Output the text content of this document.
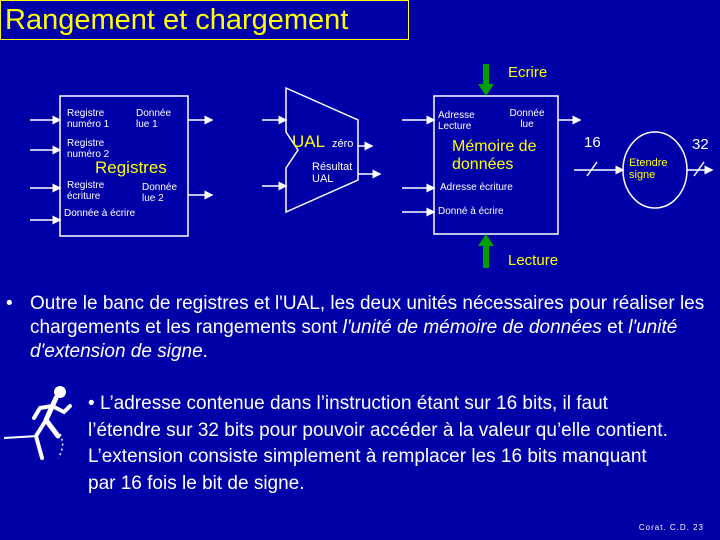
Rangement et chargement
Registre numéro 1
Registre numéro 2
Registre écriture
Donnée lue 1
Donnée lue 2
Donnée à écrire
Registres
UAL zéro
Résultat UAL
Adresse Lecture
Donnée lue
Mémoire de données
Adresse écriture
Donné à écrire
Ecrire
Lecture
Etendre signe
16	32
• Outre le banc de registres et l'UAL, les deux unités nécessaires pour réaliser les chargements et les rangements sont l'unité de mémoire de données et l'unité d'extension de signe.
• L’adresse contenue dans l’instruction étant sur 16 bits, il faut l’étendre sur 32 bits pour pouvoir accéder à la valeur qu’elle contient. L’extension consiste simplement à remplacer les 16 bits manquant par 16 fois le bit de signe.
Corat. C.D. 23
